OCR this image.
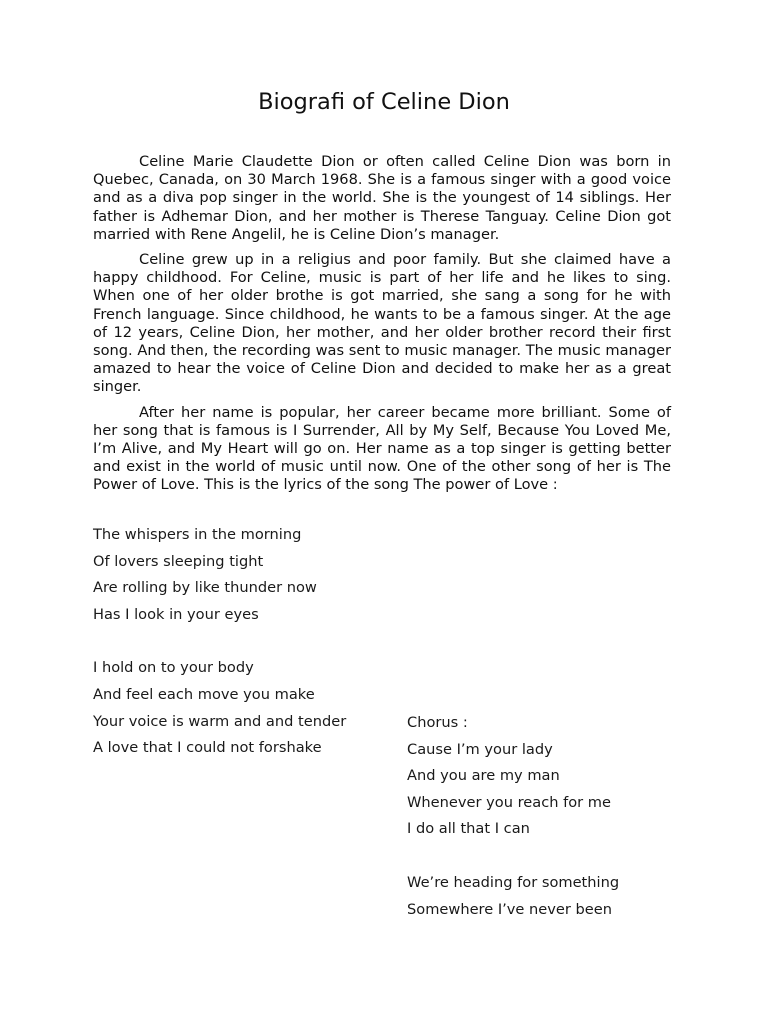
Biografi of Celine Dion

Celine Marie Claudette Dion or often called Celine Dion was born in Quebec, Canada, on 30 March 1968. She is a famous singer with a good voice and as a diva pop singer in the world. She is the youngest of 14 siblings. Her father is Adhemar Dion, and her mother is Therese Tanguay. Celine Dion got married with Rene Angelil, he is Celine Dion’s manager.

Celine grew up in a religius and poor family. But she claimed have a happy childhood. For Celine, music is part of her life and he likes to sing. When one of her older brothe is got married, she sang a song for he with French language. Since childhood, he wants to be a famous singer. At the age of 12 years, Celine Dion, her mother, and her older brother record their first song. And then, the recording was sent to music manager. The music manager amazed to hear the voice of Celine Dion and decided to make her as a great singer.

After her name is popular, her career became more brilliant. Some of her song that is famous is I Surrender, All by My Self, Because You Loved Me, I’m Alive, and My Heart will go on. Her name as a top singer is getting better and exist in the world of music until now. One of the other song of her is The Power of Love. This is the lyrics of the song The power of Love :

The whispers in the morning
Of lovers sleeping tight
Are rolling by like thunder now
Has I look in your eyes
I hold on to your body
And feel each move you make
Your voice is warm and and tender
A love that I could not forshake
Chorus :
Cause I’m your lady
And you are my man
Whenever you reach for me
I do all that I can
We’re heading for something
Somewhere I’ve never been
